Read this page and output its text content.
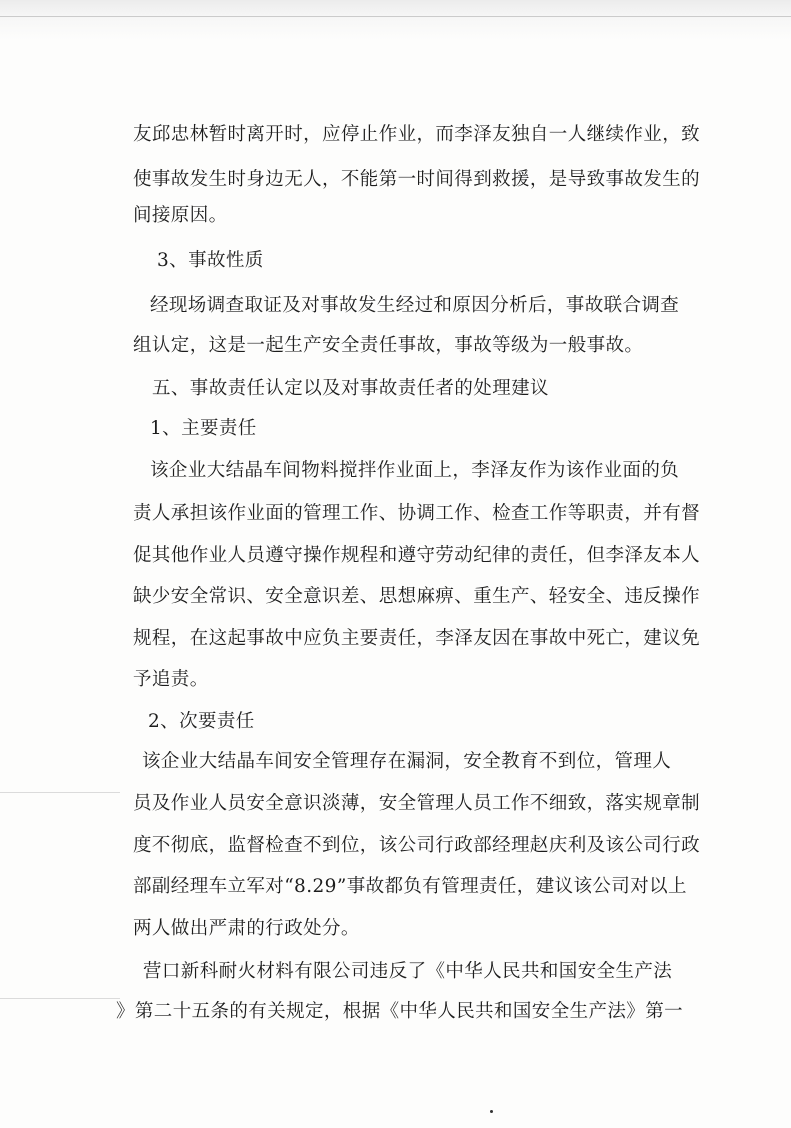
友邱忠林暂时离开时，应停止作业，而李泽友独自一人继续作业，致
使事故发生时身边无人，不能第一时间得到救援，是导致事故发生的
间接原因。
3、事故性质
经现场调查取证及对事故发生经过和原因分析后，事故联合调查
组认定，这是一起生产安全责任事故，事故等级为一般事故。
五、事故责任认定以及对事故责任者的处理建议
1、主要责任
该企业大结晶车间物料搅拌作业面上，李泽友作为该作业面的负
责人承担该作业面的管理工作、协调工作、检查工作等职责，并有督
促其他作业人员遵守操作规程和遵守劳动纪律的责任，但李泽友本人
缺少安全常识、安全意识差、思想麻痹、重生产、轻安全、违反操作
规程，在这起事故中应负主要责任，李泽友因在事故中死亡，建议免
予追责。
2、次要责任
该企业大结晶车间安全管理存在漏洞，安全教育不到位，管理人
员及作业人员安全意识淡薄，安全管理人员工作不细致，落实规章制
度不彻底，监督检查不到位，该公司行政部经理赵庆利及该公司行政
部副经理车立军对“8.29”事故都负有管理责任，建议该公司对以上
两人做出严肃的行政处分。
营口新科耐火材料有限公司违反了《中华人民共和国安全生产法
》第二十五条的有关规定，根据《中华人民共和国安全生产法》第一
